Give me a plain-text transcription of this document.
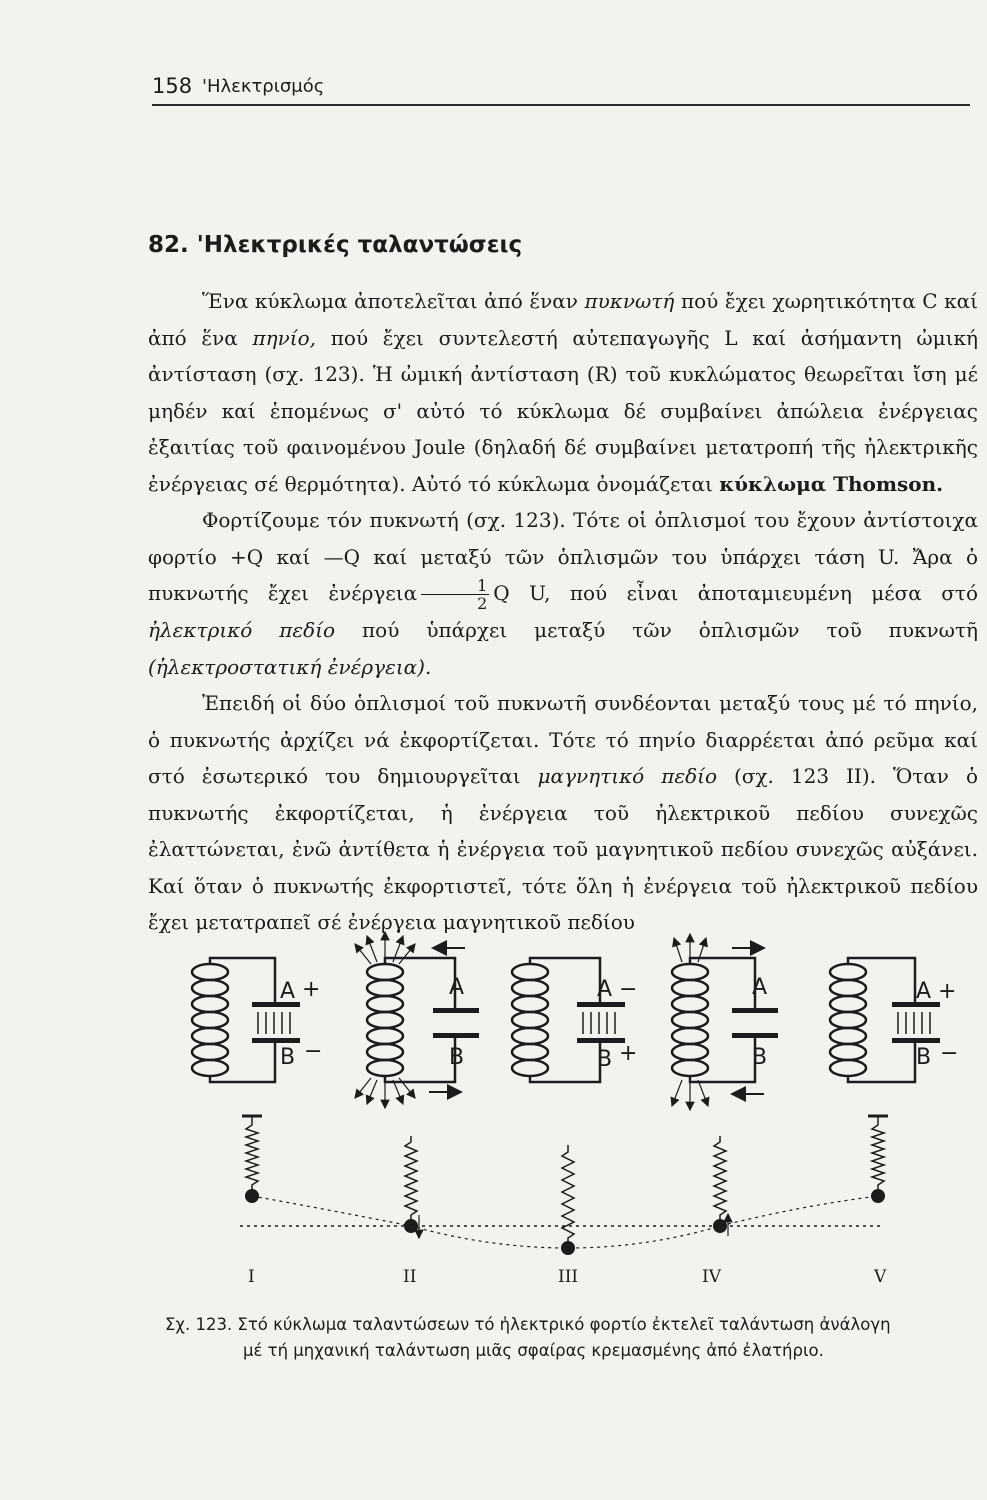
158 'Ηλεκτρισμός
82. 'Ηλεκτρικές ταλαντώσεις

Ἕνα κύκλωμα ἀποτελεῖται ἀπό ἕναν πυκνωτή πού ἔχει χωρητικότητα C καί ἀπό ἕνα πηνίο, πού ἔχει συντελεστή αὐτεπαγωγῆς L καί ἀσήμαντη ὠμική ἀντίσταση (σχ. 123). Ἡ ὠμική ἀντίσταση (R) τοῦ κυκλώματος θεωρεῖται ἴση μέ μηδέν καί ἑπομένως σ' αὐτό τό κύκλωμα δέ συμβαίνει ἀπώλεια ἐνέργειας ἐξαιτίας τοῦ φαινομένου Joule (δηλαδή δέ συμβαίνει μετατροπή τῆς ἠλεκτρικῆς ἐνέργειας σέ θερμότητα). Αὐτό τό κύκλωμα ὀνομάζεται κύκλωμα Thomson.

Φορτίζουμε τόν πυκνωτή (σχ. 123). Τότε οἱ ὁπλισμοί του ἔχουν ἀντίστοιχα φορτίο +Q καί —Q καί μεταξύ τῶν ὁπλισμῶν του ὑπάρχει τάση U. Ἄρα ὁ πυκνωτής ἔχει ἐνέργεια $\frac{1}{2}$ Q U, πού εἶναι ἀποταμιευμένη μέσα στό ἠλεκτρικό πεδίο πού ὑπάρχει μεταξύ τῶν ὁπλισμῶν τοῦ πυκνωτῆ (ἠλεκτροστατική ἐνέργεια).

Ἐπειδή οἱ δύο ὁπλισμοί τοῦ πυκνωτῆ συνδέονται μεταξύ τους μέ τό πηνίο, ὁ πυκνωτής ἀρχίζει νά ἐκφορτίζεται. Τότε τό πηνίο διαρρέεται ἀπό ρεῦμα καί στό ἐσωτερικό του δημιουργεῖται μαγνητικό πεδίο (σχ. 123 II). Ὅταν ὁ πυκνωτής ἐκφορτίζεται, ἡ ἐνέργεια τοῦ ἠλεκτρικοῦ πεδίου συνεχῶς ἐλαττώνεται, ἐνῶ ἀντίθετα ἡ ἐνέργεια τοῦ μαγνητικοῦ πεδίου συνεχῶς αὐξάνει. Καί ὅταν ὁ πυκνωτής ἐκφορτιστεῖ, τότε ὅλη ἡ ἐνέργεια τοῦ ἠλεκτρικοῦ πεδίου ἔχει μετατραπεῖ σέ ἐνέργεια μαγνητικοῦ πεδίου

A
B
+
−
I
A
B
II
A
B
−
+
III
A
B
IV
A
B
+
−
V
Σχ. 123. Στό κύκλωμα ταλαντώσεων τό ἠλεκτρικό φορτίο ἐκτελεῖ ταλάντωση ἀνάλογη
μέ τή μηχανική ταλάντωση μιᾶς σφαίρας κρεμασμένης ἀπό ἐλατήριο.
